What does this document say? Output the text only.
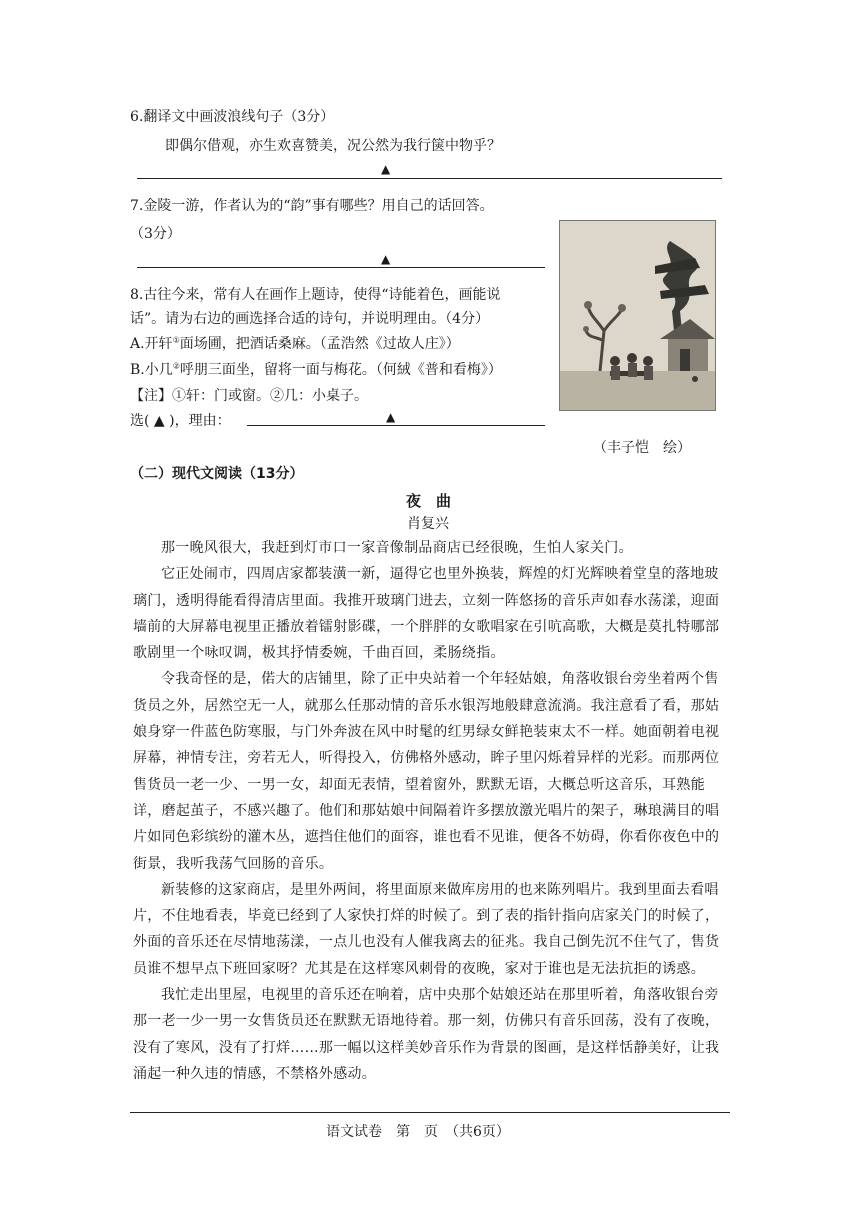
6.翻译文中画波浪线句子（3分）
即偶尔借观，亦生欢喜赞美，况公然为我行箧中物乎？
▲
7.金陵一游，作者认为的“韵”事有哪些？用自己的话回答。
（3分）
▲
8.古往今来，常有人在画作上题诗，使得“诗能着色，画能说
话”。请为右边的画选择合适的诗句，并说明理由。（4分）
A.开轩①面场圃，把酒话桑麻。（孟浩然《过故人庄》）
B.小几②呼朋三面坐，留将一面与梅花。（何絨《普和看梅》）
【注】①轩：门或窗。②几：小桌子。
选( ▲ )，理由：	▲
（丰子恺　绘）
（二）现代文阅读（13分）
夜　曲
肖复兴

那一晚风很大，我赶到灯市口一家音像制品商店已经很晚，生怕人家关门。

它正处闹市，四周店家都装潢一新，逼得它也里外换装，辉煌的灯光辉映着堂皇的落地玻璃门，透明得能看得清店里面。我推开玻璃门进去，立刻一阵悠扬的音乐声如春水荡漾，迎面墙前的大屏幕电视里正播放着镭射影碟，一个胖胖的女歌唱家在引吭高歌，大概是莫扎特哪部歌剧里一个咏叹调，极其抒情委婉，千曲百回，柔肠绕指。

令我奇怪的是，偌大的店铺里，除了正中央站着一个年轻姑娘，角落收银台旁坐着两个售货员之外，居然空无一人，就那么任那动情的音乐水银泻地般肆意流淌。我注意看了看，那姑娘身穿一件蓝色防寒服，与门外奔波在风中时髦的红男绿女鲜艳装束太不一样。她面朝着电视屏幕，神情专注，旁若无人，听得投入，仿佛格外感动，眸子里闪烁着异样的光彩。而那两位售货员一老一少、一男一女，却面无表情，望着窗外，默默无语，大概总听这音乐，耳熟能详，磨起茧子，不感兴趣了。他们和那姑娘中间隔着许多摆放激光唱片的架子，琳琅满目的唱片如同色彩缤纷的灌木丛，遮挡住他们的面容，谁也看不见谁，便各不妨碍，你看你夜色中的街景，我听我荡气回肠的音乐。

新装修的这家商店，是里外两间，将里面原来做库房用的也来陈列唱片。我到里面去看唱片，不住地看表，毕竟已经到了人家快打烊的时候了。到了表的指针指向店家关门的时候了，外面的音乐还在尽情地荡漾，一点儿也没有人催我离去的征兆。我自己倒先沉不住气了，售货员谁不想早点下班回家呀？尤其是在这样寒风刺骨的夜晚，家对于谁也是无法抗拒的诱惑。

我忙走出里屋，电视里的音乐还在响着，店中央那个姑娘还站在那里听着，角落收银台旁那一老一少一男一女售货员还在默默无语地待着。那一刻，仿佛只有音乐回荡，没有了夜晚，没有了寒风，没有了打烊……那一幅以这样美妙音乐作为背景的图画，是这样恬静美好，让我涌起一种久违的情感，不禁格外感动。

语文试卷　第　页　（共6页）
